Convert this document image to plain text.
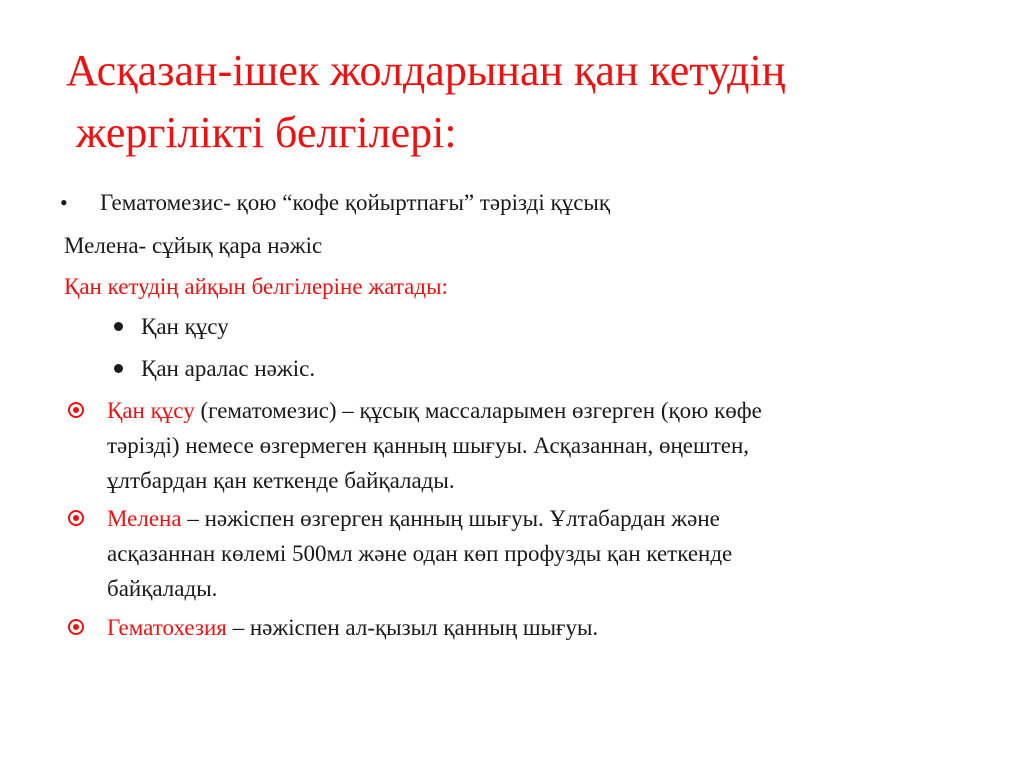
Асқазан-ішек жолдарынан қан кетудің
жергілікті белгілері:
• Гематомезис- қою “кофе қойыртпағы” тәрізді құсық
Мелена- сұйық қара нәжіс
Қан кетудің айқын белгілеріне жатады:
Қан құсу
Қан аралас нәжіс.

Қан құсу (гематомезис) – құсық массаларымен өзгерген (қою көфе
тәрізді) немесе өзгермеген қанның шығуы. Асқазаннан, өңештен,
ұлтбардан қан кеткенде байқалады.

Мелена – нәжіспен өзгерген қанның шығуы. Ұлтабардан және
асқазаннан көлемі 500мл және одан көп профузды қан кеткенде
байқалады.

Гематохезия – нәжіспен ал-қызыл қанның шығуы.
